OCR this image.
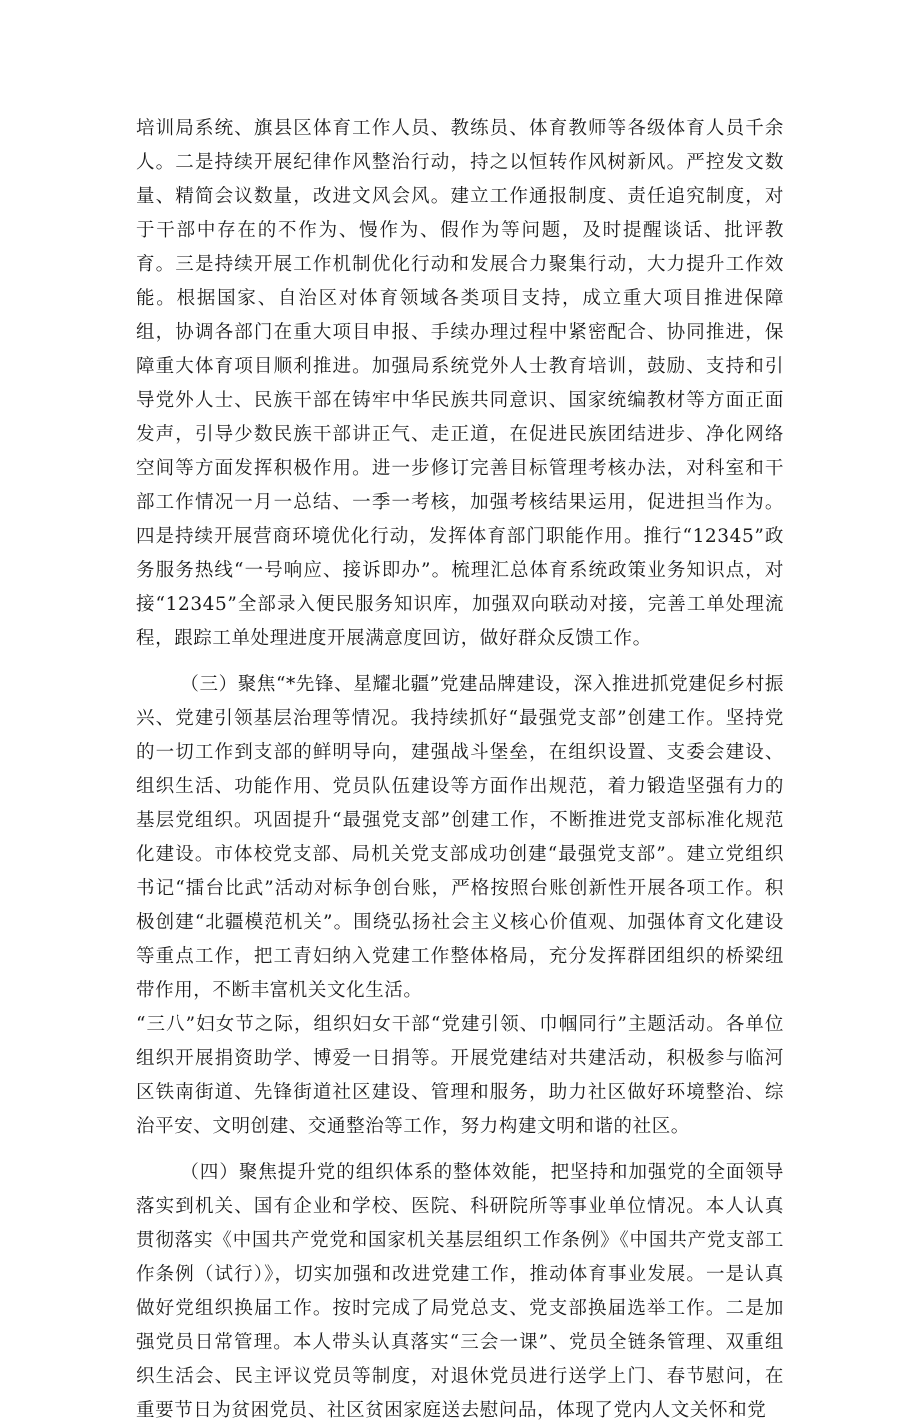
培训局系统、旗县区体育工作人员、教练员、体育教师等各级体育人员千余人。二是持续开展纪律作风整治行动，持之以恒转作风树新风。严控发文数量、精简会议数量，改进文风会风。建立工作通报制度、责任追究制度，对于干部中存在的不作为、慢作为、假作为等问题，及时提醒谈话、批评教育。三是持续开展工作机制优化行动和发展合力聚集行动，大力提升工作效能。根据国家、自治区对体育领域各类项目支持，成立重大项目推进保障组，协调各部门在重大项目申报、手续办理过程中紧密配合、协同推进，保障重大体育项目顺利推进。加强局系统党外人士教育培训，鼓励、支持和引导党外人士、民族干部在铸牢中华民族共同意识、国家统编教材等方面正面发声，引导少数民族干部讲正气、走正道，在促进民族团结进步、净化网络空间等方面发挥积极作用。进一步修订完善目标管理考核办法，对科室和干部工作情况一月一总结、一季一考核，加强考核结果运用，促进担当作为。四是持续开展营商环境优化行动，发挥体育部门职能作用。推行“12345”政务服务热线“一号响应、接诉即办”。梳理汇总体育系统政策业务知识点，对接“12345”全部录入便民服务知识库，加强双向联动对接，完善工单处理流程，跟踪工单处理进度开展满意度回访，做好群众反馈工作。

（三）聚焦“*先锋、星耀北疆”党建品牌建设，深入推进抓党建促乡村振兴、党建引领基层治理等情况。我持续抓好“最强党支部”创建工作。坚持党的一切工作到支部的鲜明导向，建强战斗堡垒，在组织设置、支委会建设、组织生活、功能作用、党员队伍建设等方面作出规范，着力锻造坚强有力的基层党组织。巩固提升“最强党支部”创建工作，不断推进党支部标准化规范化建设。市体校党支部、局机关党支部成功创建“最强党支部”。建立党组织书记“擂台比武”活动对标争创台账，严格按照台账创新性开展各项工作。积极创建“北疆模范机关”。围绕弘扬社会主义核心价值观、加强体育文化建设等重点工作，把工青妇纳入党建工作整体格局，充分发挥群团组织的桥梁纽带作用，不断丰富机关文化生活。

“三八”妇女节之际，组织妇女干部“党建引领、巾帼同行”主题活动。各单位组织开展捐资助学、博爱一日捐等。开展党建结对共建活动，积极参与临河区铁南街道、先锋街道社区建设、管理和服务，助力社区做好环境整治、综治平安、文明创建、交通整治等工作，努力构建文明和谐的社区。

（四）聚焦提升党的组织体系的整体效能，把坚持和加强党的全面领导落实到机关、国有企业和学校、医院、科研院所等事业单位情况。本人认真贯彻落实《中国共产党党和国家机关基层组织工作条例》《中国共产党支部工作条例（试行）》，切实加强和改进党建工作，推动体育事业发展。一是认真做好党组织换届工作。按时完成了局党总支、党支部换届选举工作。二是加强党员日常管理。本人带头认真落实“三会一课”、党员全链条管理、双重组织生活会、民主评议党员等制度，对退休党员进行送学上门、春节慰问，在重要节日为贫困党员、社区贫困家庭送去慰问品，体现了党内人文关怀和党
